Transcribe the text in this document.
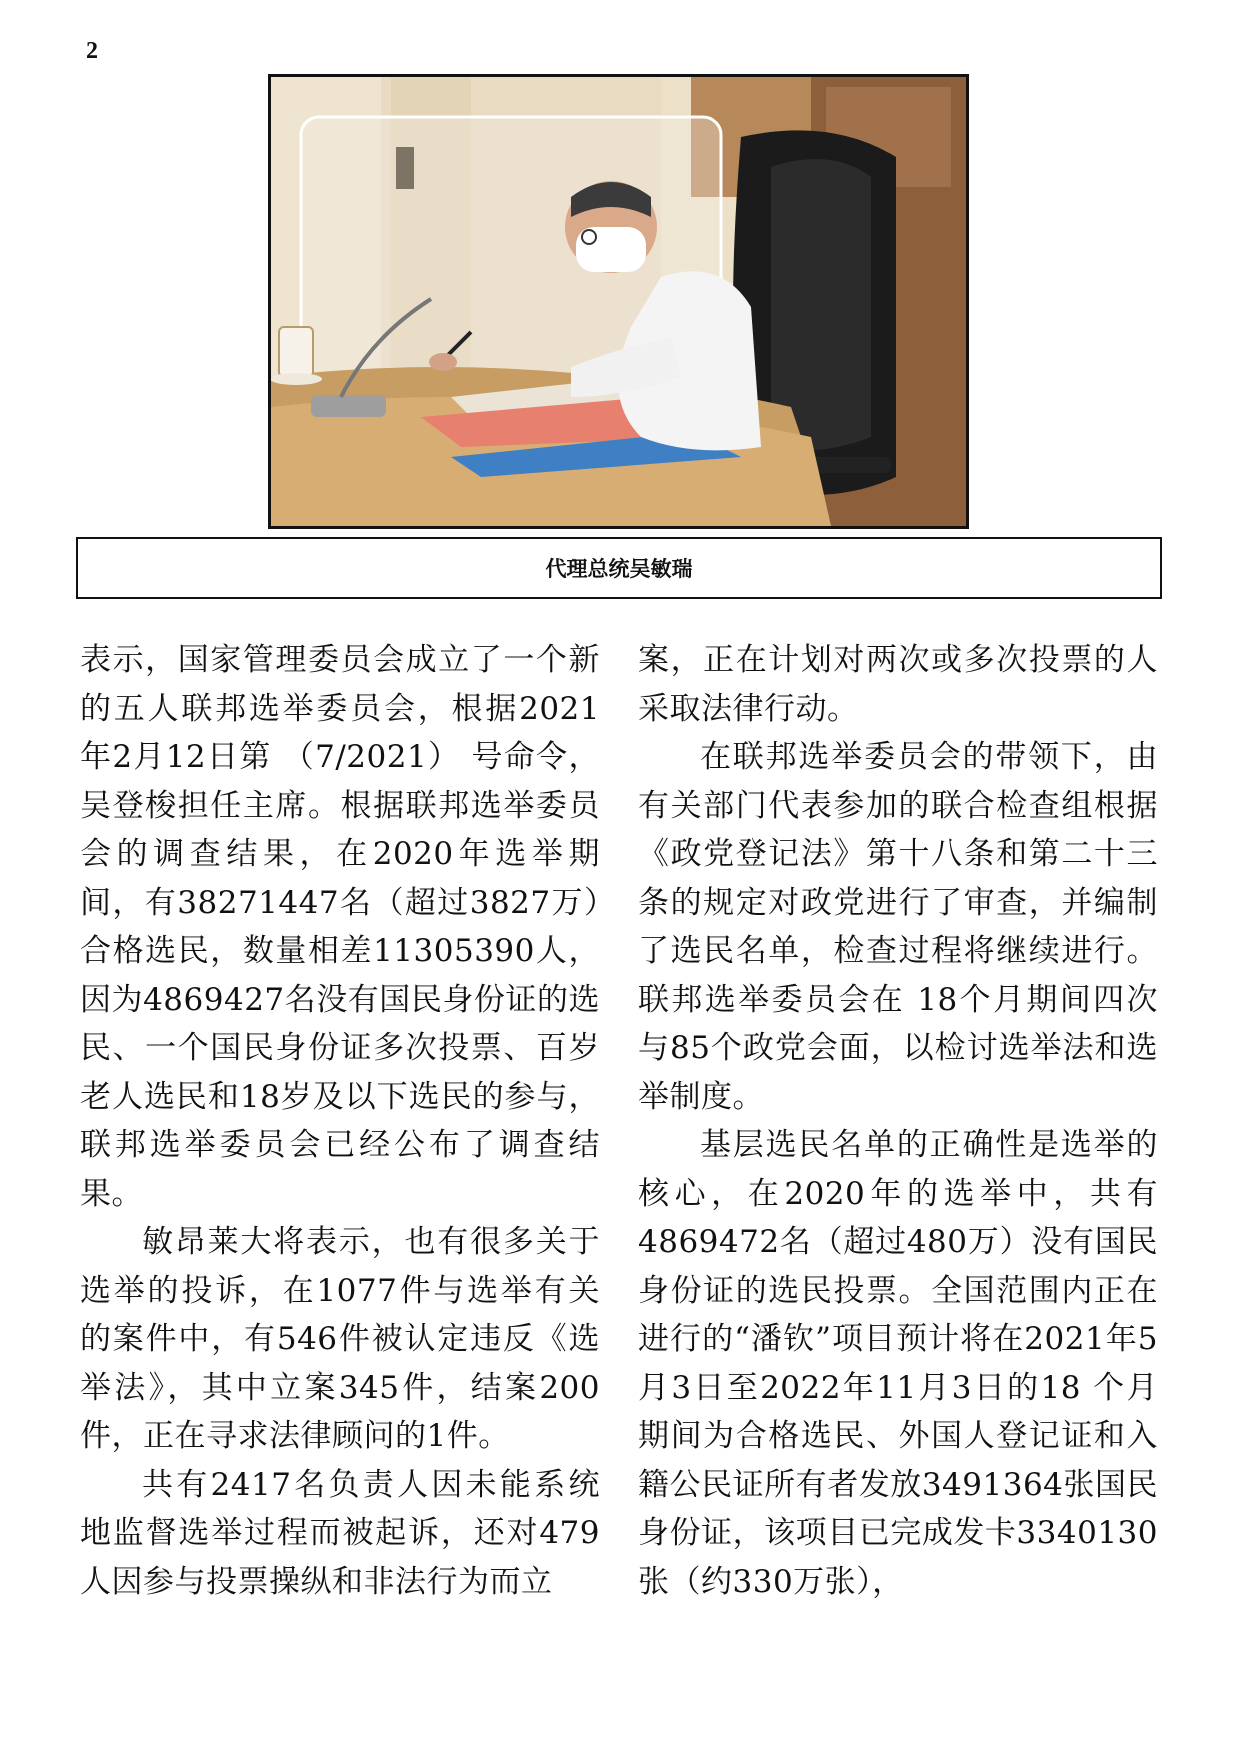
2
代理总统吴敏瑞

表示，国家管理委员会成立了一个新的五人联邦选举委员会，根据2021年2月12日第 （7/2021） 号命令，吴登梭担任主席。根据联邦选举委员会的调查结果，在2020年选举期间，有38271447名（超过3827万）合格选民，数量相差11305390人，因为4869427名没有国民身份证的选民、一个国民身份证多次投票、百岁老人选民和18岁及以下选民的参与， 联邦选举委员会已经公布了调查结果。

敏昂莱大将表示，也有很多关于选举的投诉，在1077件与选举有关的案件中，有546件被认定违反《选举法》，其中立案345件，结案200件，正在寻求法律顾问的1件。

共有2417名负责人因未能系统地监督选举过程而被起诉，还对479人因参与投票操纵和非法行为而立

案，正在计划对两次或多次投票的人采取法律行动。

在联邦选举委员会的带领下，由有关部门代表参加的联合检查组根据《政党登记法》第十八条和第二十三条的规定对政党进行了审查，并编制了选民名单，检查过程将继续进行。联邦选举委员会在 18个月期间四次与85个政党会面，以检讨选举法和选举制度。

基层选民名单的正确性是选举的核心，在2020年的选举中，共有4869472名（超过480万）没有国民身份证的选民投票。全国范围内正在进行的“潘钦”项目预计将在2021年5月3日至2022年11月3日的18 个月期间为合格选民、外国人登记证和入籍公民证所有者发放3491364张国民身份证，该项目已完成发卡3340130张（约330万张），
